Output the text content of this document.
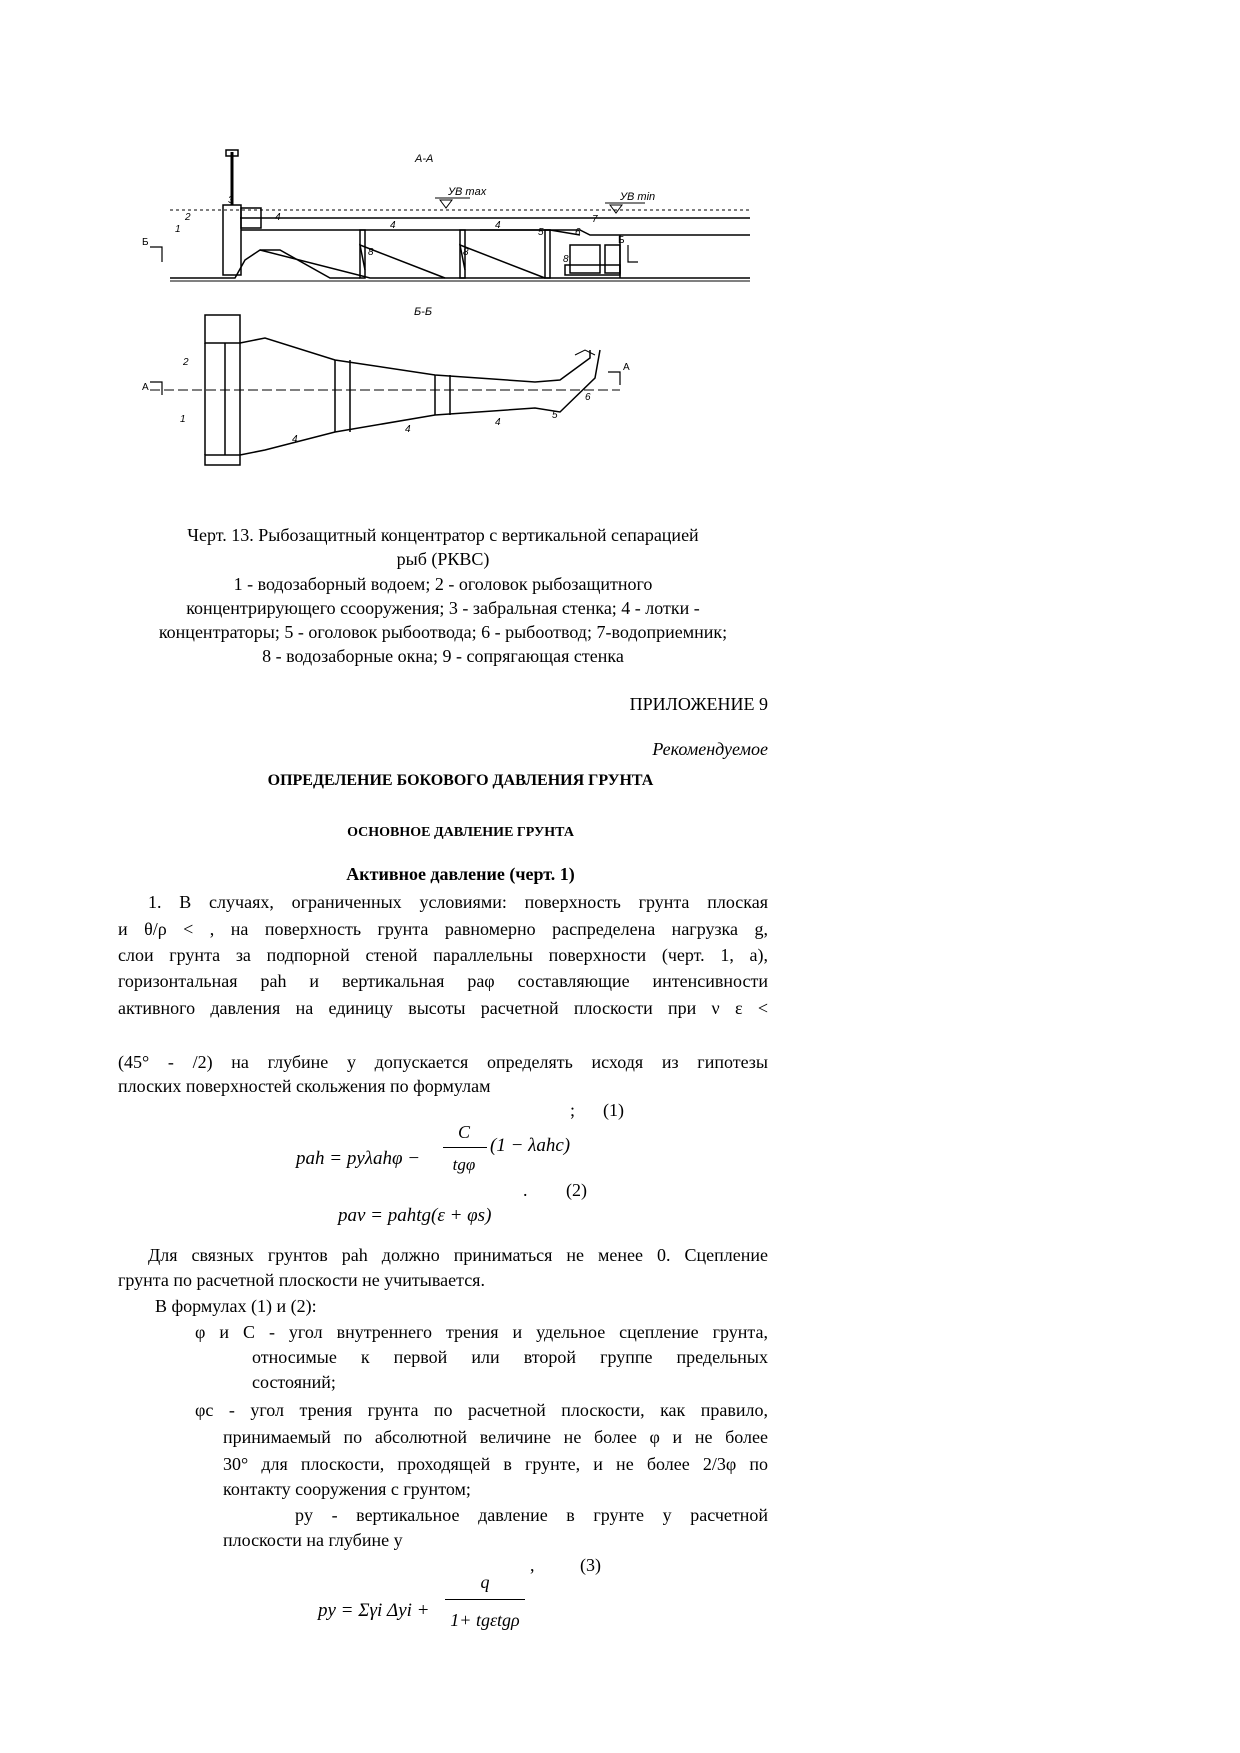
А-А
УВ max	УВ min
Б-Б
1
2
3
4
4	4
5	6
7
8	8
8
1
2
4
4
4
5
6
Б	Б
А
А
Черт. 13. Рыбозащитный концентратор с вертикальной сепарацией
рыб (РКВС)
1 - водозаборный водоем; 2 - оголовок рыбозащитного
концентрирующего ссооружения; 3 - забральная стенка; 4 - лотки -
концентраторы; 5 - оголовок рыбоотвода; 6 - рыбоотвод; 7-водоприемник;
8 - водозаборные окна; 9 - сопрягающая стенка
ПРИЛОЖЕНИЕ 9
Рекомендуемое
ОПРЕДЕЛЕНИЕ БОКОВОГО ДАВЛЕНИЯ ГРУНТА
ОСНОВНОЕ ДАВЛЕНИЕ ГРУНТА
Активное давление (черт. 1)
1. В случаях, ограниченных условиями: поверхность грунта плоская
и θ/ρ < , на поверхность грунта равномерно распределена нагрузка g,
слои грунта за подпорной стеной параллельны поверхности (черт. 1, a),
горизонтальная pah и вертикальная paφ составляющие интенсивности
активного давления на единицу высоты расчетной плоскости при ν ε <
(45° - /2) на глубине y допускается определять исходя из гипотезы
плоских поверхностей скольжения по формулам
; (1)
pah = pyλahφ −
C
tgφ
(1 − λahc)
. (2)
paν = pahtg(ε + φs)
Для связных грунтов pah должно приниматься не менее 0. Сцепление
грунта по расчетной плоскости не учитывается.
В формулах (1) и (2):
φ и C - угол внутреннего трения и удельное сцепление грунта,
относимые к первой или второй группе предельных
состояний;
φc - угол трения грунта по расчетной плоскости, как правило,
принимаемый по абсолютной величине не более φ и не более
30° для плоскости, проходящей в грунте, и не более 2/3φ по
контакту сооружения с грунтом;
py - вертикальное давление в грунте у расчетной
плоскости на глубине y
,	(3)
py = Σγi Δyi +
q
1+ tgεtgρ
